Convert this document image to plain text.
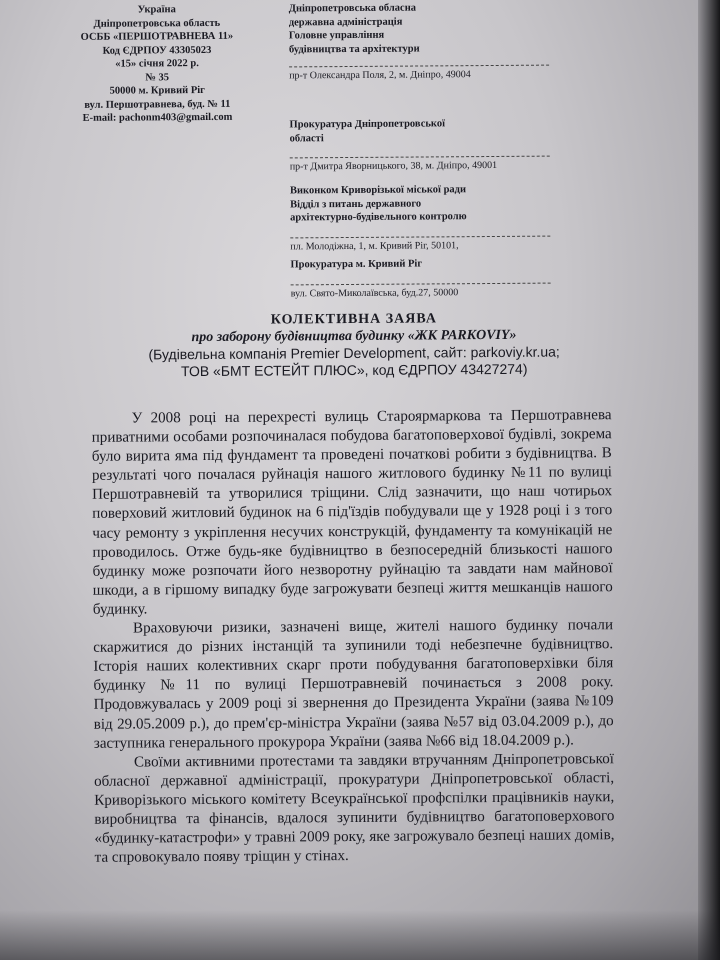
Україна
Дніпропетровська область
ОСББ «ПЕРШОТРАВНЕВА 11»
Код ЄДРПОУ 43305023
«15» січня 2022 р.
№ 35
50000 м. Кривий Ріг
вул. Першотравнева, буд. № 11
E-mail: pachonm403@gmail.com
Дніпропетровська обласна
державна адміністрація
Головне управління
будівництва та архітектури
пр-т Олександра Поля, 2, м. Дніпро, 49004
Прокуратура Дніпропетровської
області
пр-т Дмитра Яворницького, 38, м. Дніпро, 49001
Виконком Криворізької міської ради
Відділ з питань державного
архітектурно-будівельного контролю
пл. Молодіжна, 1, м. Кривий Ріг, 50101,
Прокуратура м. Кривий Ріг
вул. Свято-Миколаївська, буд.27, 50000
КОЛЕКТИВНА ЗАЯВА
про заборону будівництва будинку «ЖК PARKOVIY»
(Будівельна компанія Premier Development, сайт: parkoviy.kr.ua;
ТОВ «БМТ ЕСТЕЙТ ПЛЮС», код ЄДРПОУ 43427274)

У 2008 році на перехресті вулиць Староярмаркова та Першотравнева приватними особами розпочиналася побудова багатоповерхової будівлі, зокрема було вирита яма під фундамент та проведені початкові робити з будівництва. В результаті чого почалася руйнація нашого житлового будинку №11 по вулиці Першотравневій та утворилися тріщини. Слід зазначити, що наш чотирьох поверховий житловий будинок на 6 під'їздів побудували ще у 1928 році і з того часу ремонту з укріплення несучих конструкцій, фундаменту та комунікацій не проводилось. Отже будь-яке будівництво в безпосередній близькості нашого будинку може розпочати його незворотну руйнацію та завдати нам майнової шкоди, а в гіршому випадку буде загрожувати безпеці життя мешканців нашого будинку.

Враховуючи ризики, зазначені вище, жителі нашого будинку почали скаржитися до різних інстанцій та зупинили тоді небезпечне будівництво. Історія наших колективних скарг проти побудування багатоповерхівки біля будинку №11 по вулиці Першотравневій починається з 2008 року. Продовжувалась у 2009 році зі звернення до Президента України (заява №109 від 29.05.2009 р.), до прем'єр-міністра України (заява №57 від 03.04.2009 р.), до заступника генерального прокурора України (заява №66 від 18.04.2009 р.).

Своїми активними протестами та завдяки втручанням Дніпропетровської обласної державної адміністрації, прокуратури Дніпропетровської області, Криворізького міського комітету Всеукраїнської профспілки працівників науки, виробництва та фінансів, вдалося зупинити будівництво багатоповерхового «будинку-катастрофи» у травні 2009 року, яке загрожувало безпеці наших домів, та спровокувало появу тріщин у стінах.
